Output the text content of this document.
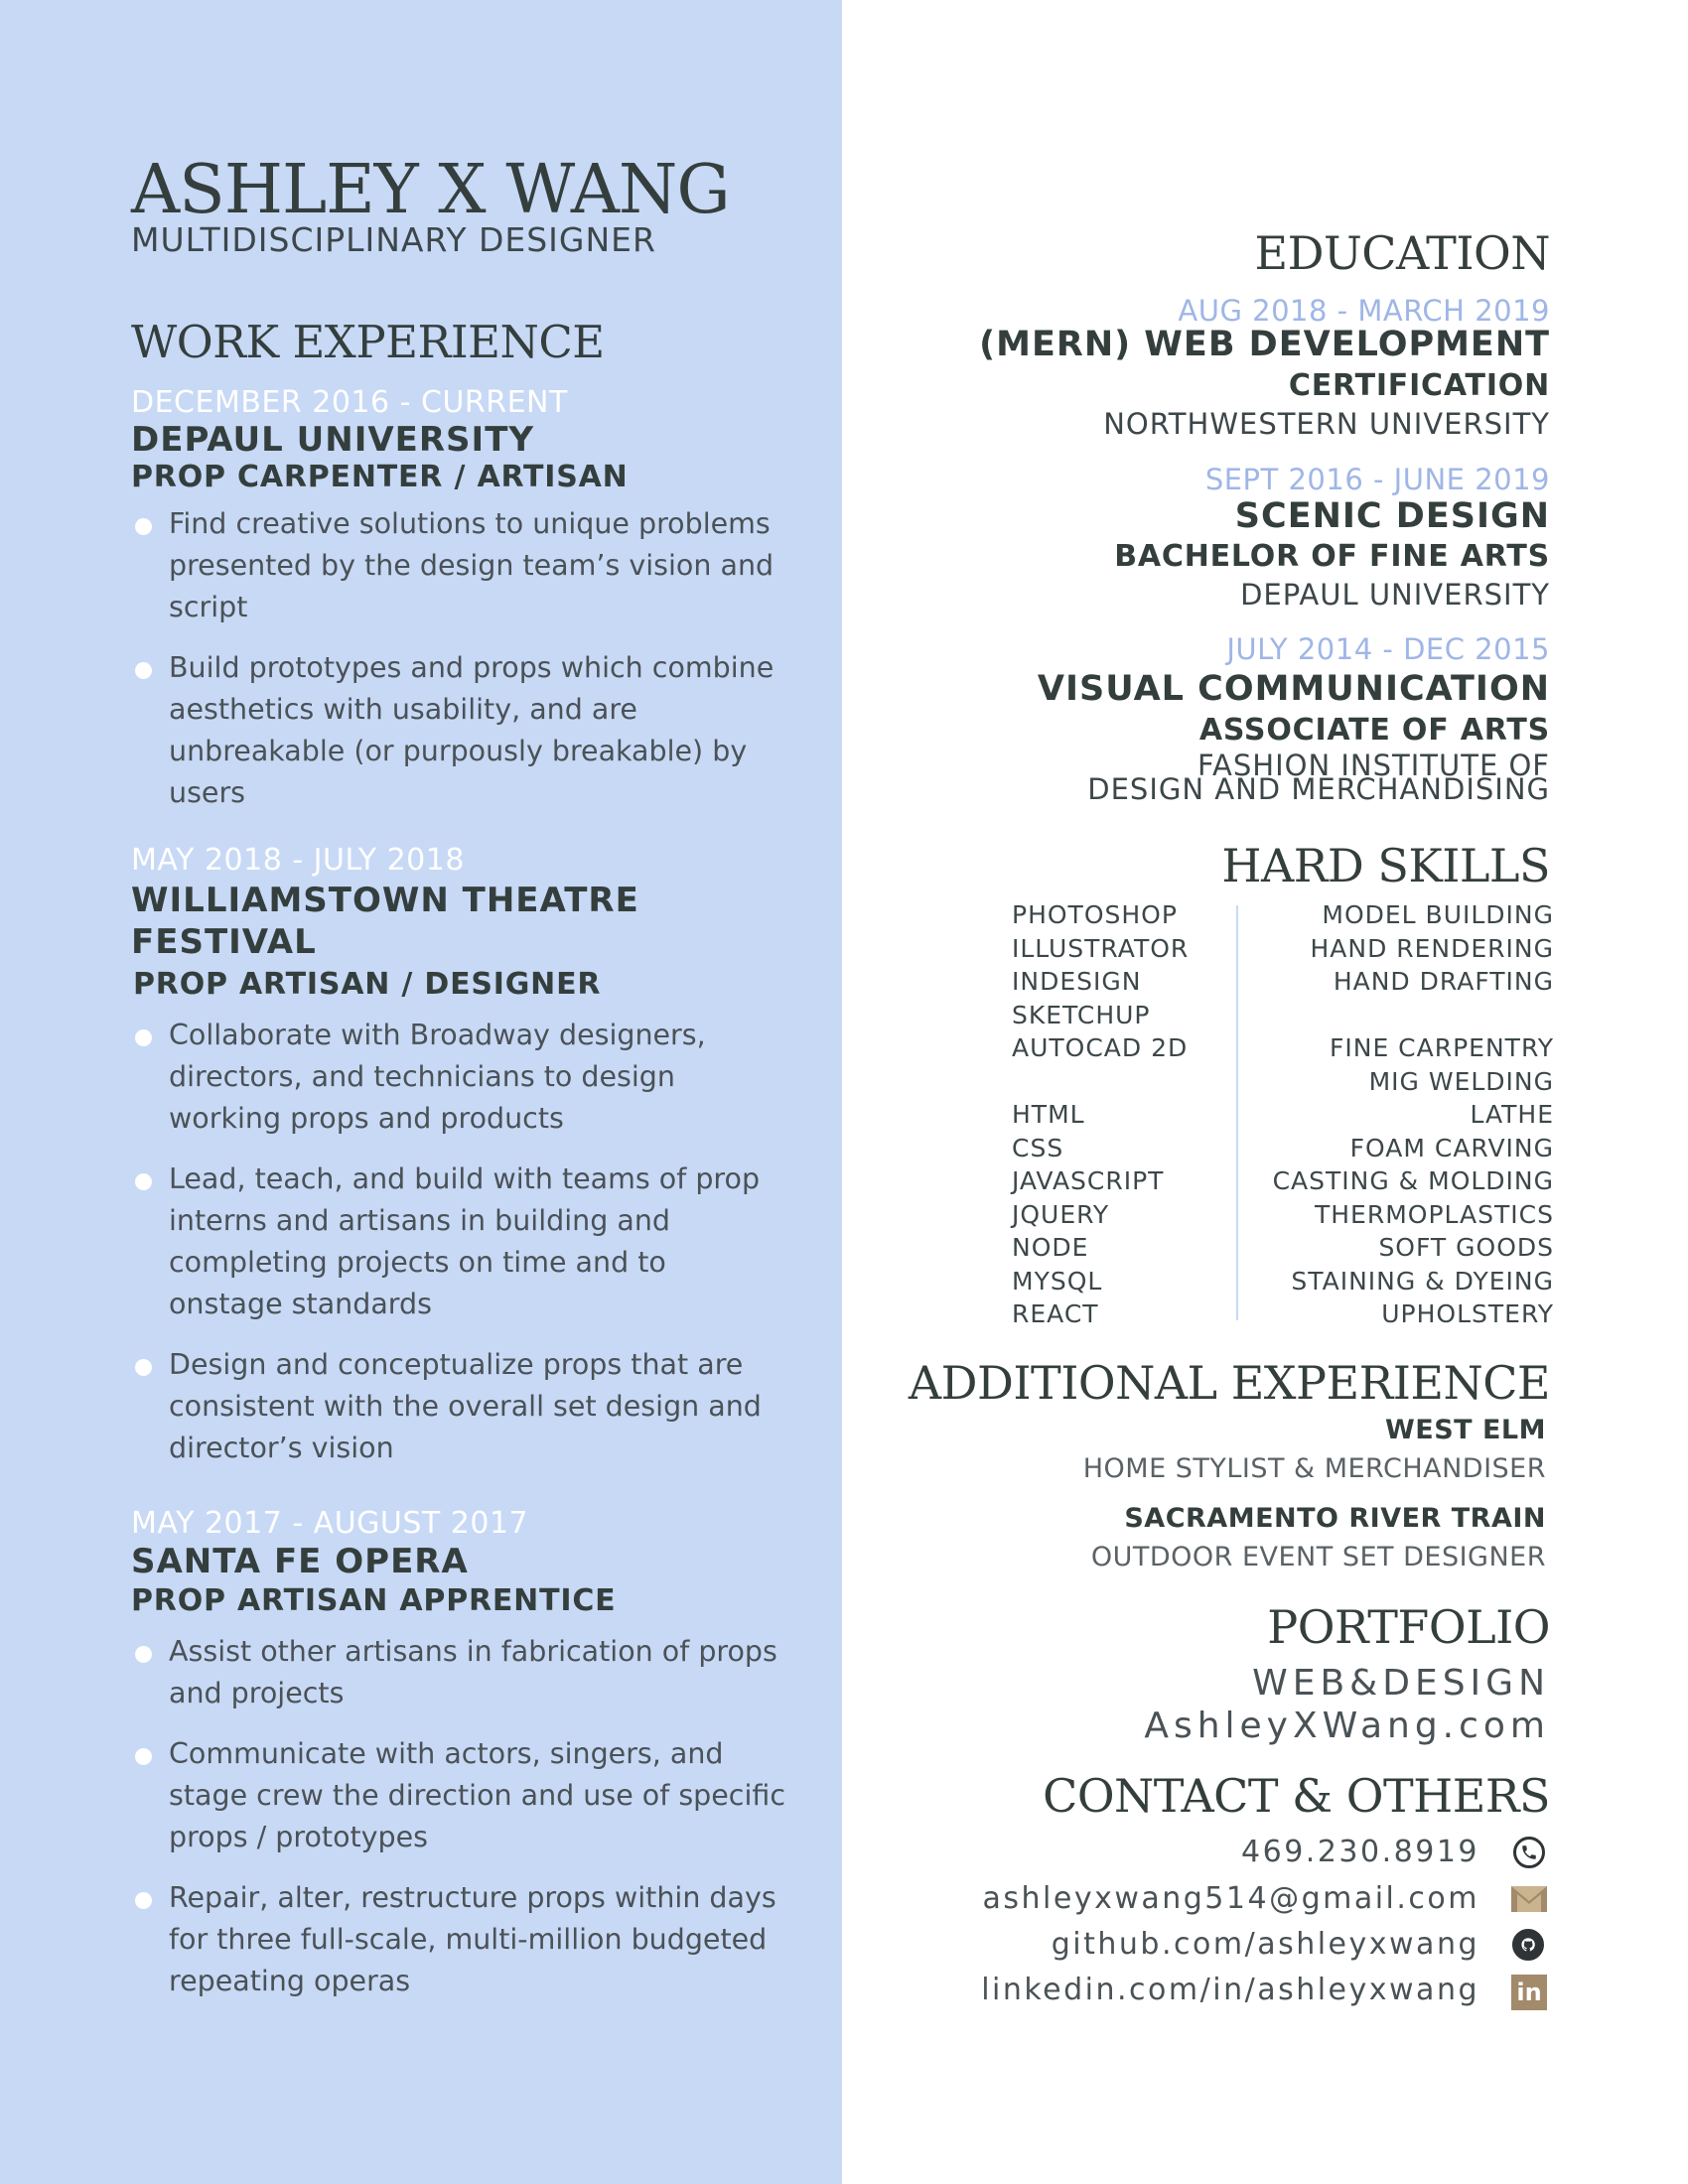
ASHLEY X WANG
MULTIDISCIPLINARY DESIGNER
WORK EXPERIENCE
DECEMBER 2016 - CURRENT
DEPAUL UNIVERSITY
PROP CARPENTER / ARTISAN
Find creative solutions to unique problems presented by the design team’s vision and script
Build prototypes and props which combine aesthetics with usability, and are unbreakable (or purpously breakable) by users
MAY 2018 - JULY 2018
WILLIAMSTOWN THEATRE
FESTIVAL
PROP ARTISAN / DESIGNER
Collaborate with Broadway designers, directors, and technicians to design working props and products
Lead, teach, and build with teams of prop interns and artisans in building and completing projects on time and to onstage standards
Design and conceptualize props that are consistent with the overall set design and director’s vision
MAY 2017 - AUGUST 2017
SANTA FE OPERA
PROP ARTISAN APPRENTICE
Assist other artisans in fabrication of props and projects
Communicate with actors, singers, and stage crew the direction and use of specific props / prototypes
Repair, alter, restructure props within days for three full-scale, multi-million budgeted repeating operas
EDUCATION
AUG 2018 - MARCH 2019
(MERN) WEB DEVELOPMENT
CERTIFICATION
NORTHWESTERN UNIVERSITY
SEPT 2016 - JUNE 2019
SCENIC DESIGN
BACHELOR OF FINE ARTS
DEPAUL UNIVERSITY
JULY 2014 - DEC 2015
VISUAL COMMUNICATION
ASSOCIATE OF ARTS
FASHION INSTITUTE OF
DESIGN AND MERCHANDISING
HARD SKILLS
PHOTOSHOP
ILLUSTRATOR
INDESIGN
SKETCHUP
AUTOCAD 2D
HTML
CSS
JAVASCRIPT
JQUERY
NODE
MYSQL
REACT
MODEL BUILDING
HAND RENDERING
HAND DRAFTING
FINE CARPENTRY
MIG WELDING
LATHE
FOAM CARVING
CASTING & MOLDING
THERMOPLASTICS
SOFT GOODS
STAINING & DYEING
UPHOLSTERY
ADDITIONAL EXPERIENCE
WEST ELM
HOME STYLIST & MERCHANDISER
SACRAMENTO RIVER TRAIN
OUTDOOR EVENT SET DESIGNER
PORTFOLIO
WEB&DESIGN
AshleyXWang.com
CONTACT & OTHERS
469.230.8919
ashleyxwang514@gmail.com
github.com/ashleyxwang
linkedin.com/in/ashleyxwang in
